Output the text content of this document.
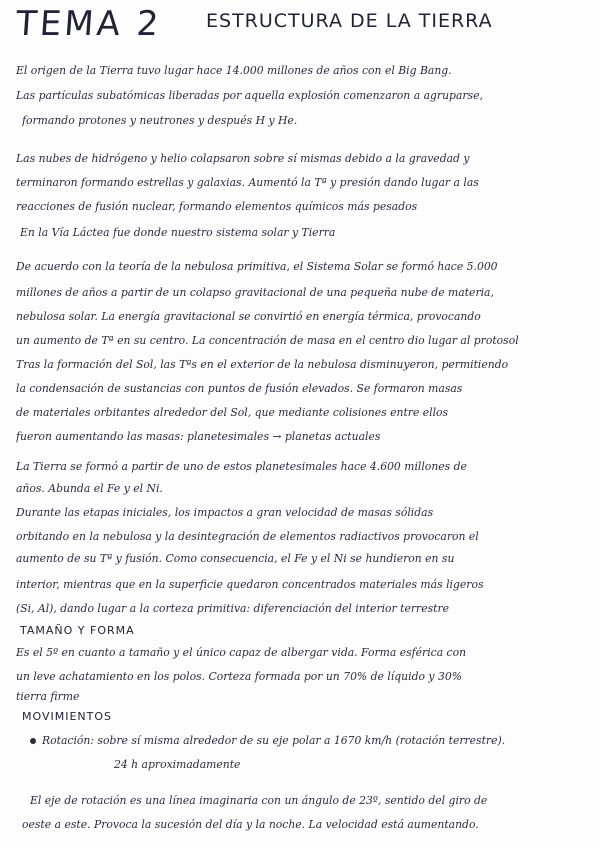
TEMA 2 ESTRUCTURA DE LA TIERRA
El origen de la Tierra tuvo lugar hace 14.000 millones de años con el Big Bang.
Las partículas subatómicas liberadas por aquella explosión comenzaron a agruparse,
formando protones y neutrones y después H y He.
Las nubes de hidrógeno y helio colapsaron sobre sí mismas debido a la gravedad y
terminaron formando estrellas y galaxias. Aumentó la Tª y presión dando lugar a las
reacciones de fusión nuclear, formando elementos químicos más pesados
En la Vía Láctea fue donde nuestro sistema solar y Tierra
De acuerdo con la teoría de la nebulosa primitiva, el Sistema Solar se formó hace 5.000
millones de años a partir de un colapso gravitacional de una pequeña nube de materia,
nebulosa solar. La energía gravitacional se convirtió en energía térmica, provocando
un aumento de Tª en su centro. La concentración de masa en el centro dio lugar al protosol
Tras la formación del Sol, las Tªs en el exterior de la nebulosa disminuyeron, permitiendo
la condensación de sustancias con puntos de fusión elevados. Se formaron masas
de materiales orbitantes alrededor del Sol, que mediante colisiones entre ellos
fueron aumentando las masas: planetesimales → planetas actuales
La Tierra se formó a partir de uno de estos planetesimales hace 4.600 millones de
años. Abunda el Fe y el Ni.
Durante las etapas iniciales, los impactos a gran velocidad de masas sólidas
orbitando en la nebulosa y la desintegración de elementos radiactivos provocaron el
aumento de su Tª y fusión. Como consecuencia, el Fe y el Ni se hundieron en su
interior, mientras que en la superficie quedaron concentrados materiales más ligeros
(Si, Al), dando lugar a la corteza primitiva: diferenciación del interior terrestre
TAMAÑO Y FORMA
Es el 5º en cuanto a tamaño y el único capaz de albergar vida. Forma esférica con
un leve achatamiento en los polos. Corteza formada por un 70% de líquido y 30%
tierra firme
MOVIMIENTOS
Rotación: sobre sí misma alrededor de su eje polar a 1670 km/h (rotación terrestre).
24 h aproximadamente
El eje de rotación es una línea imaginaria con un ángulo de 23º, sentido del giro de
oeste a este. Provoca la sucesión del día y la noche. La velocidad está aumentando.
